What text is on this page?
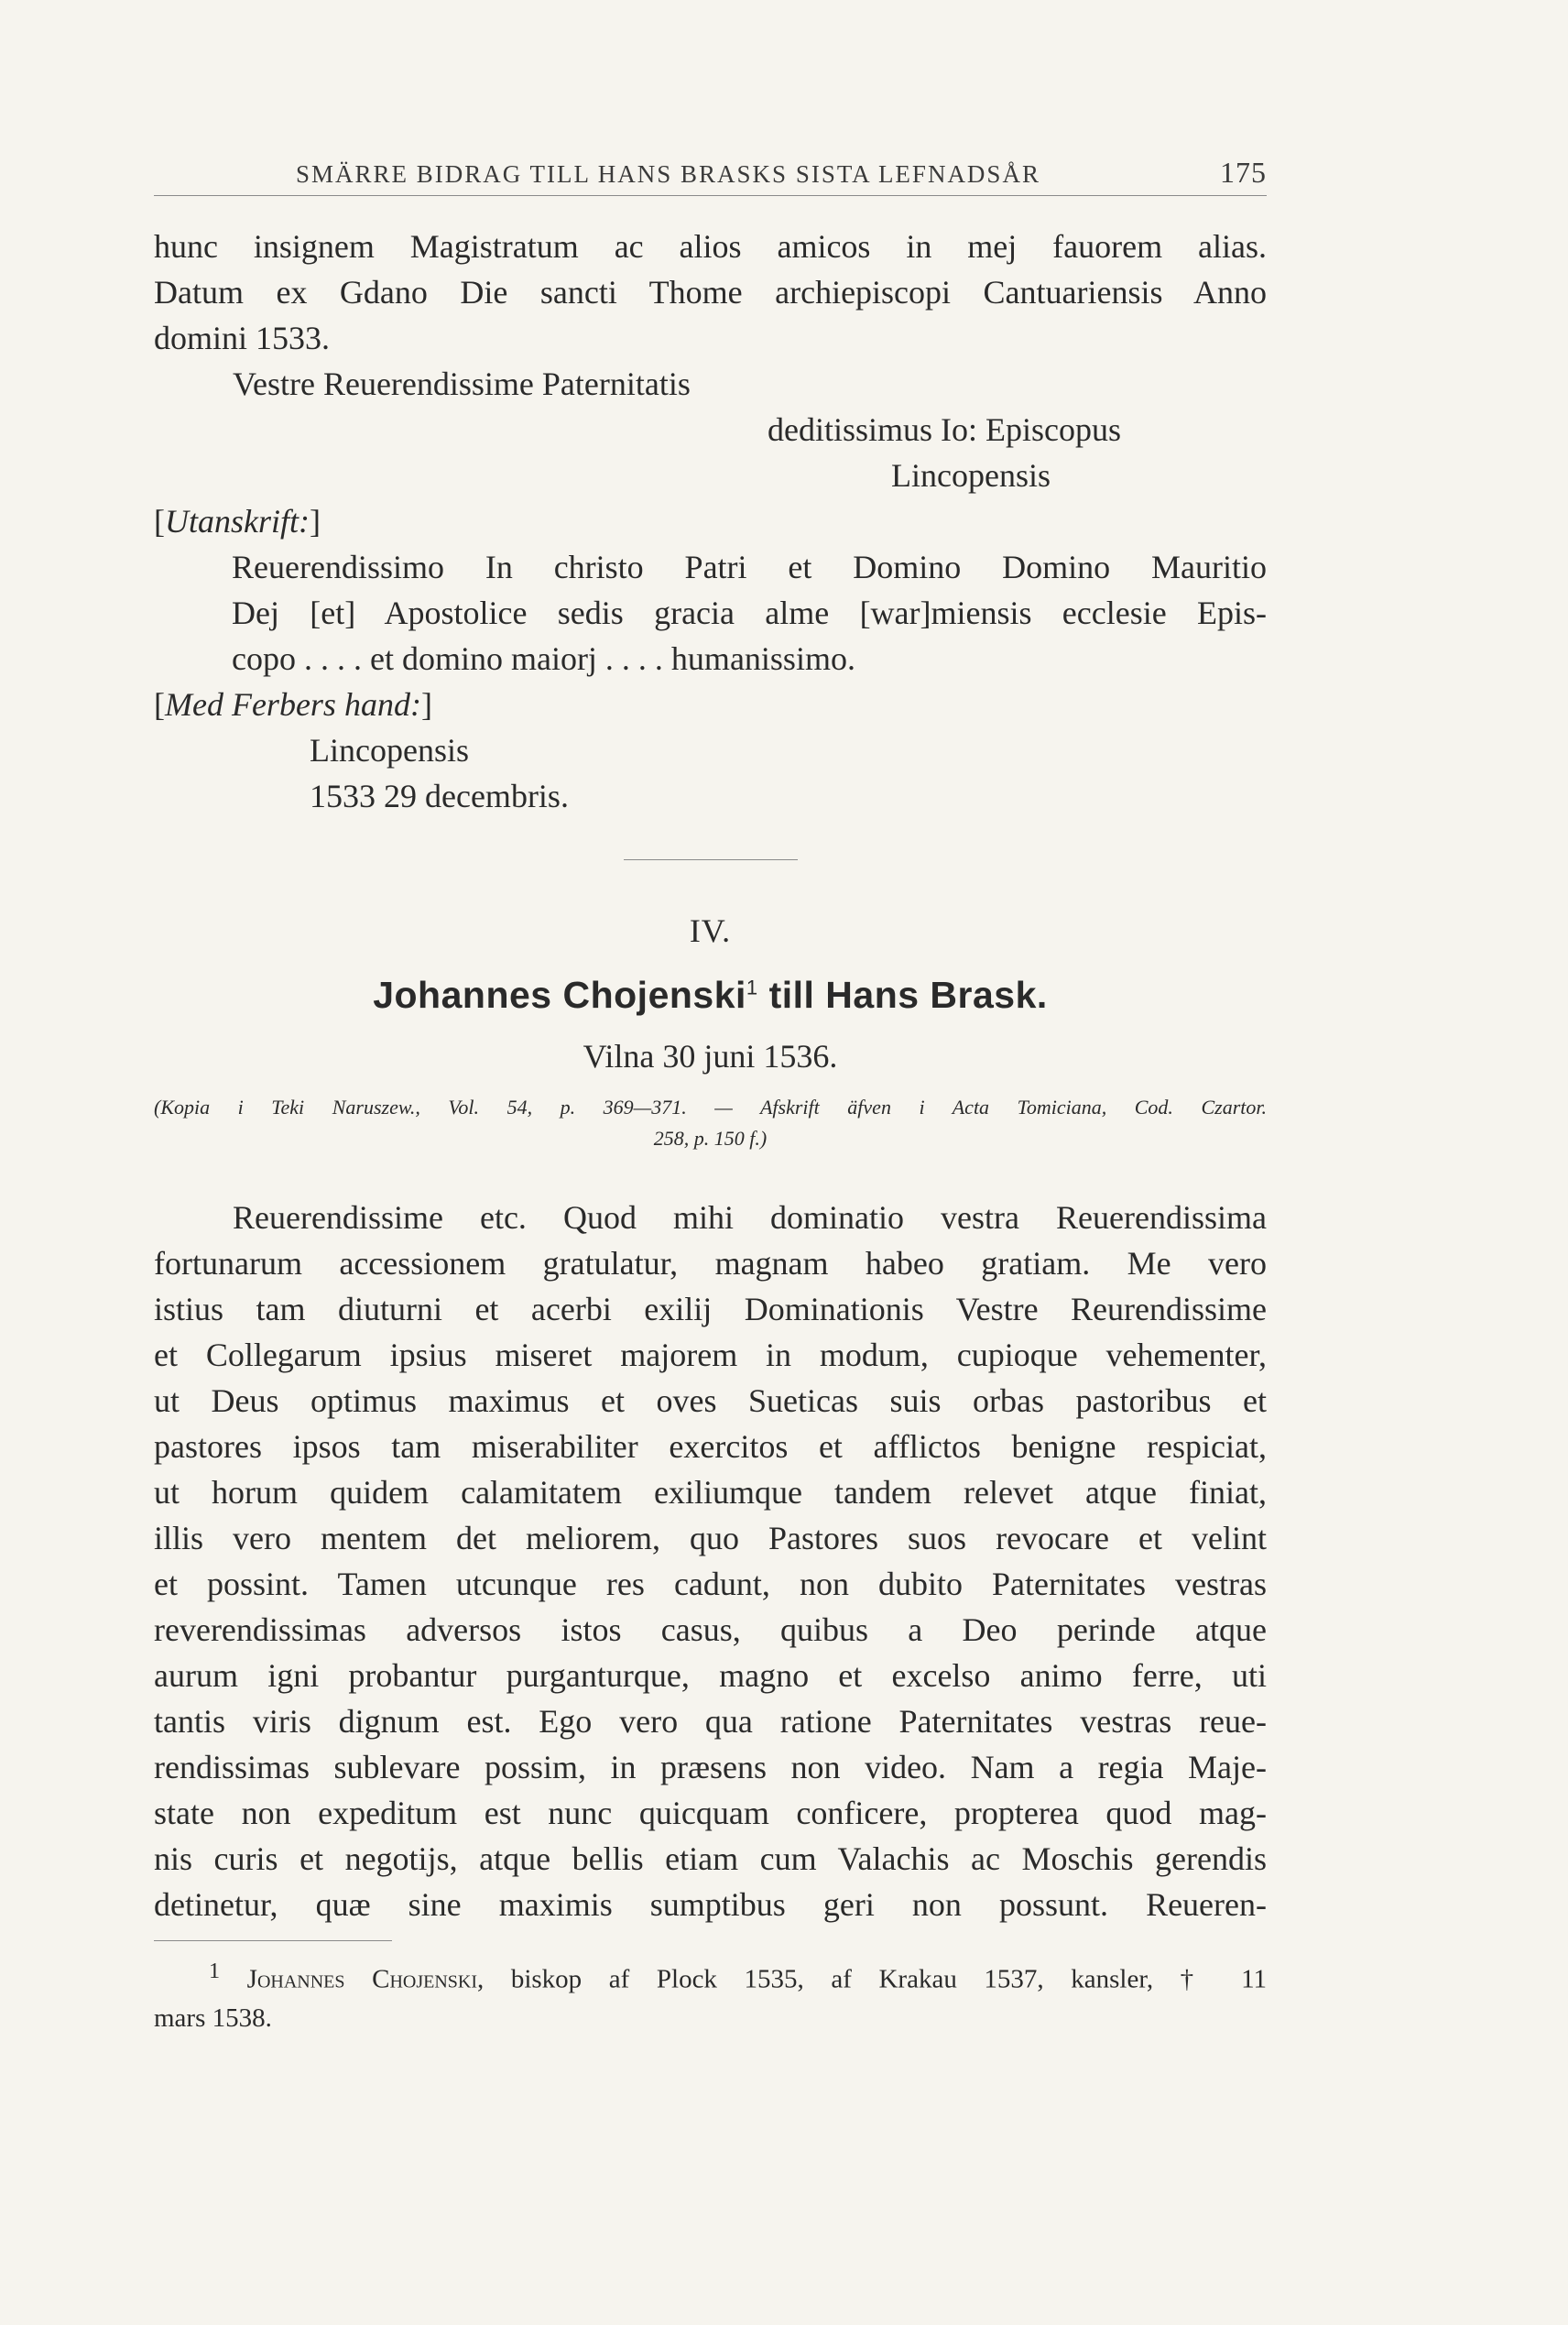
SMÄRRE BIDRAG TILL HANS BRASKS SISTA LEFNADSÅR	175
hunc insignem Magistratum ac alios amicos in mej fauorem alias.
Datum ex Gdano Die sancti Thome archiepiscopi Cantuariensis Anno
domini 1533.
Vestre Reuerendissime Paternitatis
deditissimus Io: Episcopus
Lincopensis
[Utanskrift:]
Reuerendissimo In christo Patri et Domino Domino Mauritio
Dej [et] Apostolice sedis gracia alme [war]miensis ecclesie Epis-
copo . . . . et domino maiorj . . . . humanissimo.
[Med Ferbers hand:]
Lincopensis
1533 29 decembris.
IV.
Johannes Chojenski$^1$ till Hans Brask.
Vilna 30 juni 1536.
(Kopia i Teki Naruszew., Vol. 54, p. 369—371. — Afskrift äfven i Acta Tomiciana, Cod. Czartor.
258, p. 150 f.)
Reuerendissime etc. Quod mihi dominatio vestra Reuerendissima
fortunarum accessionem gratulatur, magnam habeo gratiam. Me vero
istius tam diuturni et acerbi exilij Dominationis Vestre Reurendissime
et Collegarum ipsius miseret majorem in modum, cupioque vehementer,
ut Deus optimus maximus et oves Sueticas suis orbas pastoribus et
pastores ipsos tam miserabiliter exercitos et afflictos benigne respiciat,
ut horum quidem calamitatem exiliumque tandem relevet atque finiat,
illis vero mentem det meliorem, quo Pastores suos revocare et velint
et possint. Tamen utcunque res cadunt, non dubito Paternitates vestras
reverendissimas adversos istos casus, quibus a Deo perinde atque
aurum igni probantur purganturque, magno et excelso animo ferre, uti
tantis viris dignum est. Ego vero qua ratione Paternitates vestras reue-
rendissimas sublevare possim, in præsens non video. Nam a regia Maje-
state non expeditum est nunc quicquam conficere, propterea quod mag-
nis curis et negotijs, atque bellis etiam cum Valachis ac Moschis gerendis
detinetur, quæ sine maximis sumptibus geri non possunt. Reueren-
$^1$ Johannes Chojenski, biskop af Plock 1535, af Krakau 1537, kansler, † 11
mars 1538.
